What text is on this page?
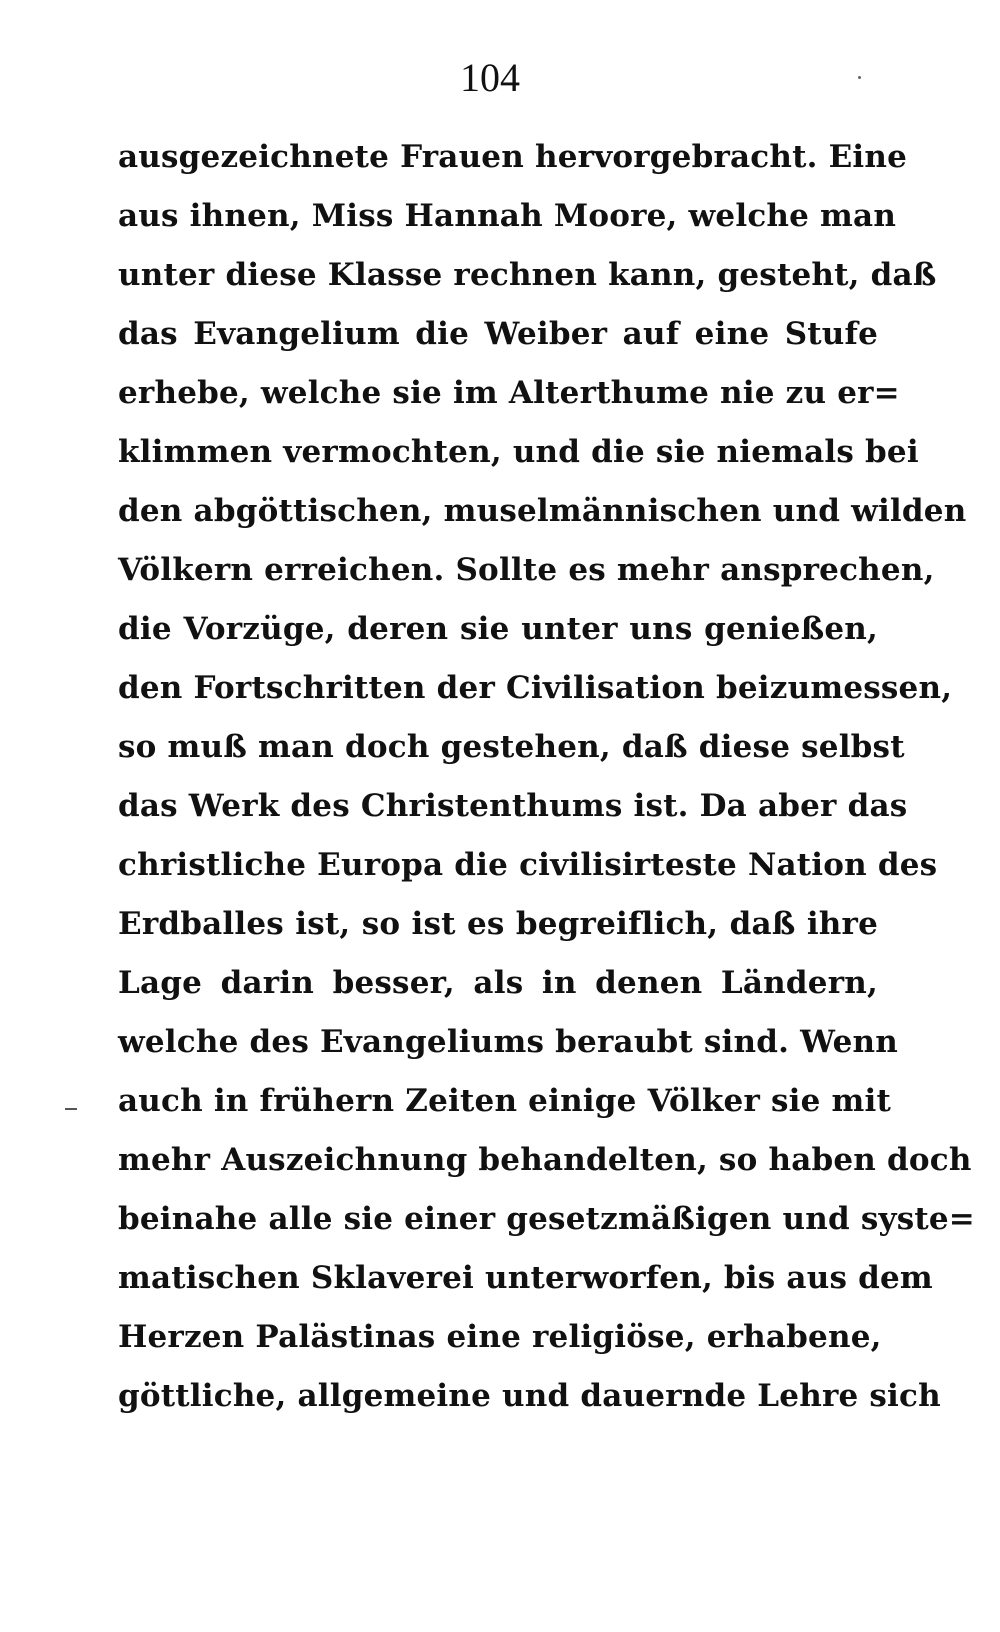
104
ausgezeichnete Frauen hervorgebracht. Eine
aus ihnen, Miss Hannah Moore, welche man
unter diese Klasse rechnen kann, gesteht, daß
das Evangelium die Weiber auf eine Stufe
erhebe, welche sie im Alterthume nie zu er=
klimmen vermochten, und die sie niemals bei
den abgöttischen, muselmännischen und wilden
Völkern erreichen. Sollte es mehr ansprechen,
die Vorzüge, deren sie unter uns genießen,
den Fortschritten der Civilisation beizumessen,
so muß man doch gestehen, daß diese selbst
das Werk des Christenthums ist. Da aber das
christliche Europa die civilisirteste Nation des
Erdballes ist, so ist es begreiflich, daß ihre
Lage darin besser, als in denen Ländern,
welche des Evangeliums beraubt sind. Wenn
auch in frühern Zeiten einige Völker sie mit
mehr Auszeichnung behandelten, so haben doch
beinahe alle sie einer gesetzmäßigen und syste=
matischen Sklaverei unterworfen, bis aus dem
Herzen Palästinas eine religiöse, erhabene,
göttliche, allgemeine und dauernde Lehre sich
